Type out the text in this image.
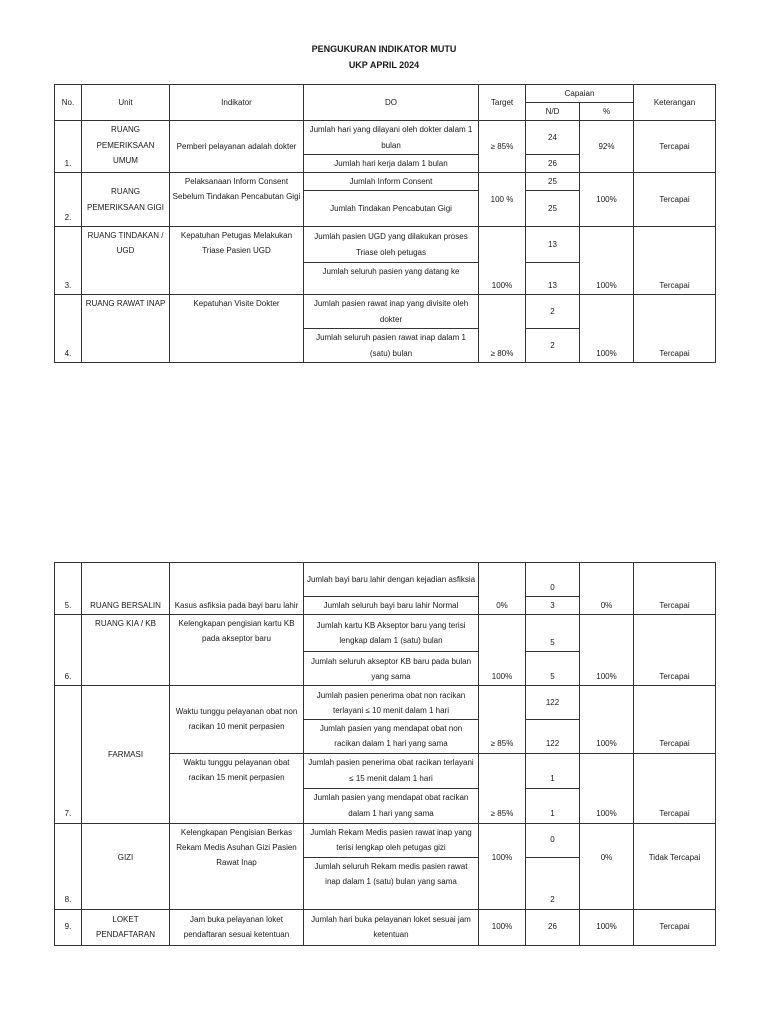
PENGUKURAN INDIKATOR MUTU
UKP APRIL 2024
No.	Unit	Indikator	DO	Target	Capaian		Keterangan
					N/D	%	
1.	RUANG PEMERIKSAAN UMUM	Pemberi pelayanan adalah dokter	Jumlah hari yang dilayani oleh dokter dalam 1 bulan	≥ 85%	24	92%	Tercapai
			Jumlah hari kerja dalam 1 bulan		26		
2.	RUANG PEMERIKSAAN GIGI	Pelaksanaan Inform Consent Sebelum Tindakan Pencabutan Gigi	Jumlah Inform Consent	100 %	25	100%	Tercapai
			Jumlah Tindakan Pencabutan Gigi		25		
3.	RUANG TINDAKAN / UGD	Kepatuhan Petugas Melakukan Triase Pasien UGD	Jumlah pasien UGD yang dilakukan proses Triase oleh petugas	100%	13	100%	Tercapai
			Jumlah seluruh pasien yang datang ke		13		
4.	RUANG RAWAT INAP	Kepatuhan Visite Dokter	Jumlah pasien rawat inap yang divisite oleh dokter	≥ 80%	2	100%	Tercapai
			Jumlah seluruh pasien rawat inap dalam 1 (satu) bulan		2		
5.	RUANG BERSALIN	Kasus asfiksia pada bayi baru lahir	Jumlah bayi baru lahir dengan kejadian asfiksia	0%	0	0%	Tercapai
			Jumlah seluruh bayi baru lahir Normal		3		
6.	RUANG KIA / KB	Kelengkapan pengisian kartu KB pada akseptor baru	Jumlah kartu KB Akseptor baru yang terisi lengkap dalam 1 (satu) bulan	100%	5	100%	Tercapai
			Jumlah seluruh akseptor KB baru pada bulan yang sama		5		
7.	FARMASI	Waktu tunggu pelayanan obat non racikan 10 menit perpasien	Jumlah pasien penerima obat non racikan terlayani ≤ 10 menit dalam 1 hari	≥ 85%	122	100%	Tercapai
			Jumlah pasien yang mendapat obat non racikan dalam 1 hari yang sama		122		
		Waktu tunggu pelayanan obat racikan 15 menit perpasien	Jumlah pasien penerima obat racikan terlayani ≤ 15 menit dalam 1 hari	≥ 85%	1	100%	Tercapai
			Jumlah pasien yang mendapat obat racikan dalam 1 hari yang sama		1		
8.	GIZI	Kelengkapan Pengisian Berkas Rekam Medis Asuhan Gizi Pasien Rawat Inap	Jumlah Rekam Medis pasien rawat inap yang terisi lengkap oleh petugas gizi	100%	0	0%	Tidak Tercapai
			Jumlah seluruh Rekam medis pasien rawat inap dalam 1 (satu) bulan yang sama		2		
9.	LOKET PENDAFTARAN	Jam buka pelayanan loket pendaftaran sesuai ketentuan	Jumlah hari buka pelayanan loket sesuai jam ketentuan	100%	26	100%	Tercapai
